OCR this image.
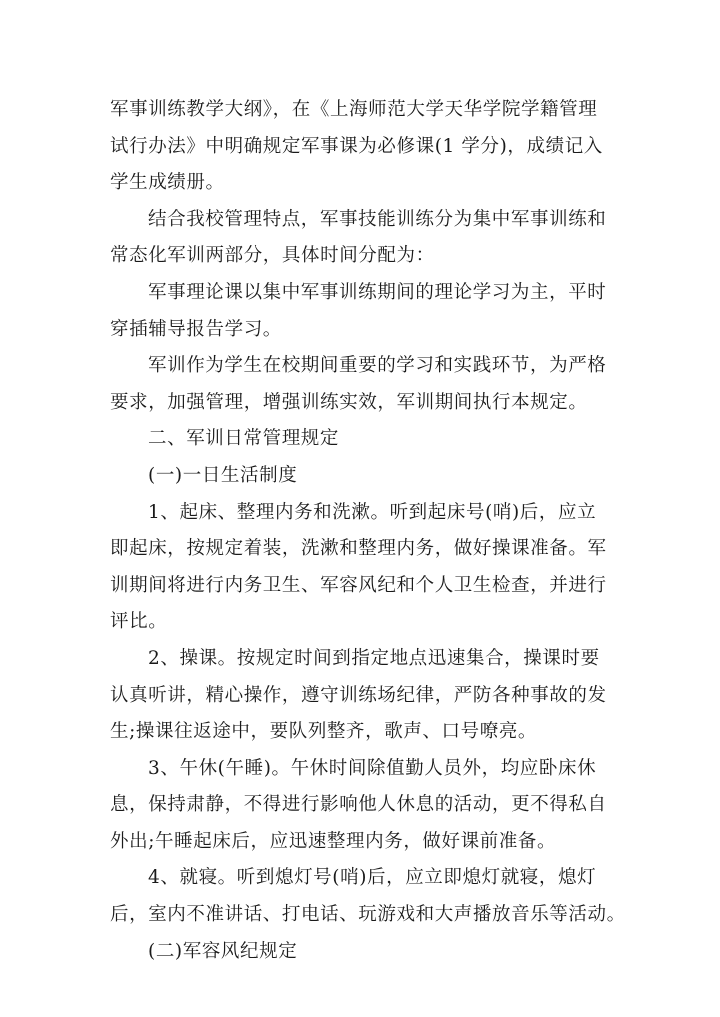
军事训练教学大纲》，在《上海师范大学天华学院学籍管理
试行办法》中明确规定军事课为必修课(1 学分)，成绩记入
学生成绩册。

结合我校管理特点，军事技能训练分为集中军事训练和
常态化军训两部分，具体时间分配为：

军事理论课以集中军事训练期间的理论学习为主，平时
穿插辅导报告学习。

军训作为学生在校期间重要的学习和实践环节，为严格
要求，加强管理，增强训练实效，军训期间执行本规定。

二、军训日常管理规定

(一)一日生活制度

1、起床、整理内务和洗漱。听到起床号(哨)后，应立
即起床，按规定着装，洗漱和整理内务，做好操课准备。军
训期间将进行内务卫生、军容风纪和个人卫生检查，并进行
评比。

2、操课。按规定时间到指定地点迅速集合，操课时要
认真听讲，精心操作，遵守训练场纪律，严防各种事故的发
生;操课往返途中，要队列整齐，歌声、口号嘹亮。

3、午休(午睡)。午休时间除值勤人员外，均应卧床休
息，保持肃静，不得进行影响他人休息的活动，更不得私自
外出;午睡起床后，应迅速整理内务，做好课前准备。

4、就寝。听到熄灯号(哨)后，应立即熄灯就寝，熄灯
后，室内不准讲话、打电话、玩游戏和大声播放音乐等活动。

(二)军容风纪规定
